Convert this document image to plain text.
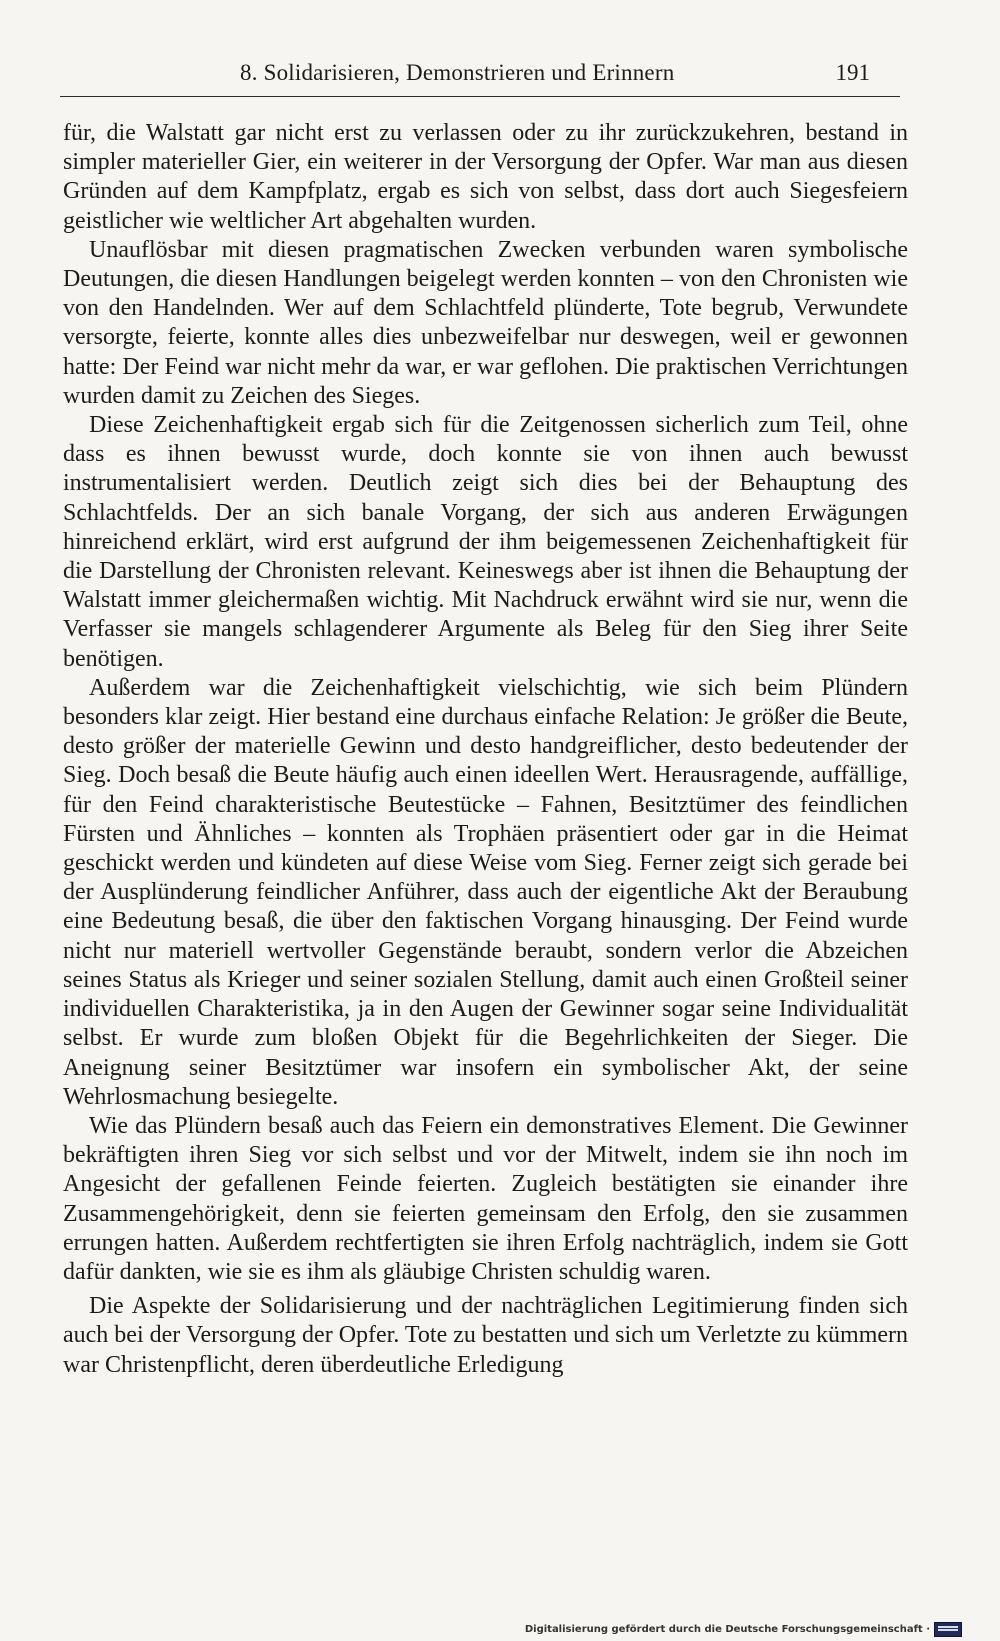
8. Solidarisieren, Demonstrieren und Erinnern	191

für, die Walstatt gar nicht erst zu verlassen oder zu ihr zurückzukehren, bestand in simpler materieller Gier, ein weiterer in der Versorgung der Opfer. War man aus diesen Gründen auf dem Kampfplatz, ergab es sich von selbst, dass dort auch Siegesfeiern geistlicher wie weltlicher Art abgehalten wurden.

Unauflösbar mit diesen pragmatischen Zwecken verbunden waren symbolische Deutungen, die diesen Handlungen beigelegt werden konnten – von den Chronisten wie von den Handelnden. Wer auf dem Schlachtfeld plünderte, Tote begrub, Verwundete versorgte, feierte, konnte alles dies unbezweifelbar nur deswegen, weil er gewonnen hatte: Der Feind war nicht mehr da war, er war geflohen. Die praktischen Verrichtungen wurden damit zu Zeichen des Sieges.

Diese Zeichenhaftigkeit ergab sich für die Zeitgenossen sicherlich zum Teil, ohne dass es ihnen bewusst wurde, doch konnte sie von ihnen auch bewusst instrumentalisiert werden. Deutlich zeigt sich dies bei der Behauptung des Schlachtfelds. Der an sich banale Vorgang, der sich aus anderen Erwägungen hinreichend erklärt, wird erst aufgrund der ihm beigemessenen Zeichenhaftigkeit für die Darstellung der Chronisten relevant. Keineswegs aber ist ihnen die Behauptung der Walstatt immer gleichermaßen wichtig. Mit Nachdruck erwähnt wird sie nur, wenn die Verfasser sie mangels schlagenderer Argumente als Beleg für den Sieg ihrer Seite benötigen.

Außerdem war die Zeichenhaftigkeit vielschichtig, wie sich beim Plündern besonders klar zeigt. Hier bestand eine durchaus einfache Relation: Je größer die Beute, desto größer der materielle Gewinn und desto handgreiflicher, desto bedeutender der Sieg. Doch besaß die Beute häufig auch einen ideellen Wert. Herausragende, auffällige, für den Feind charakteristische Beutestücke – Fahnen, Besitztümer des feindlichen Fürsten und Ähnliches – konnten als Trophäen präsentiert oder gar in die Heimat geschickt werden und kündeten auf diese Weise vom Sieg. Ferner zeigt sich gerade bei der Ausplünderung feindlicher Anführer, dass auch der eigentliche Akt der Beraubung eine Bedeutung besaß, die über den faktischen Vorgang hinausging. Der Feind wurde nicht nur materiell wertvoller Gegenstände beraubt, sondern verlor die Abzeichen seines Status als Krieger und seiner sozialen Stellung, damit auch einen Großteil seiner individuellen Charakteristika, ja in den Augen der Gewinner sogar seine Individualität selbst. Er wurde zum bloßen Objekt für die Begehrlichkeiten der Sieger. Die Aneignung seiner Besitztümer war insofern ein symbolischer Akt, der seine Wehrlosmachung besiegelte.

Wie das Plündern besaß auch das Feiern ein demonstratives Element. Die Gewinner bekräftigten ihren Sieg vor sich selbst und vor der Mitwelt, indem sie ihn noch im Angesicht der gefallenen Feinde feierten. Zugleich bestätigten sie einander ihre Zusammengehörigkeit, denn sie feierten gemeinsam den Erfolg, den sie zusammen errungen hatten. Außerdem rechtfertigten sie ihren Erfolg nachträglich, indem sie Gott dafür dankten, wie sie es ihm als gläubige Christen schuldig waren.

Die Aspekte der Solidarisierung und der nachträglichen Legitimierung finden sich auch bei der Versorgung der Opfer. Tote zu bestatten und sich um Verletzte zu kümmern war Christenpflicht, deren überdeutliche Erledigung

Digitalisierung gefördert durch die Deutsche Forschungsgemeinschaft ·
